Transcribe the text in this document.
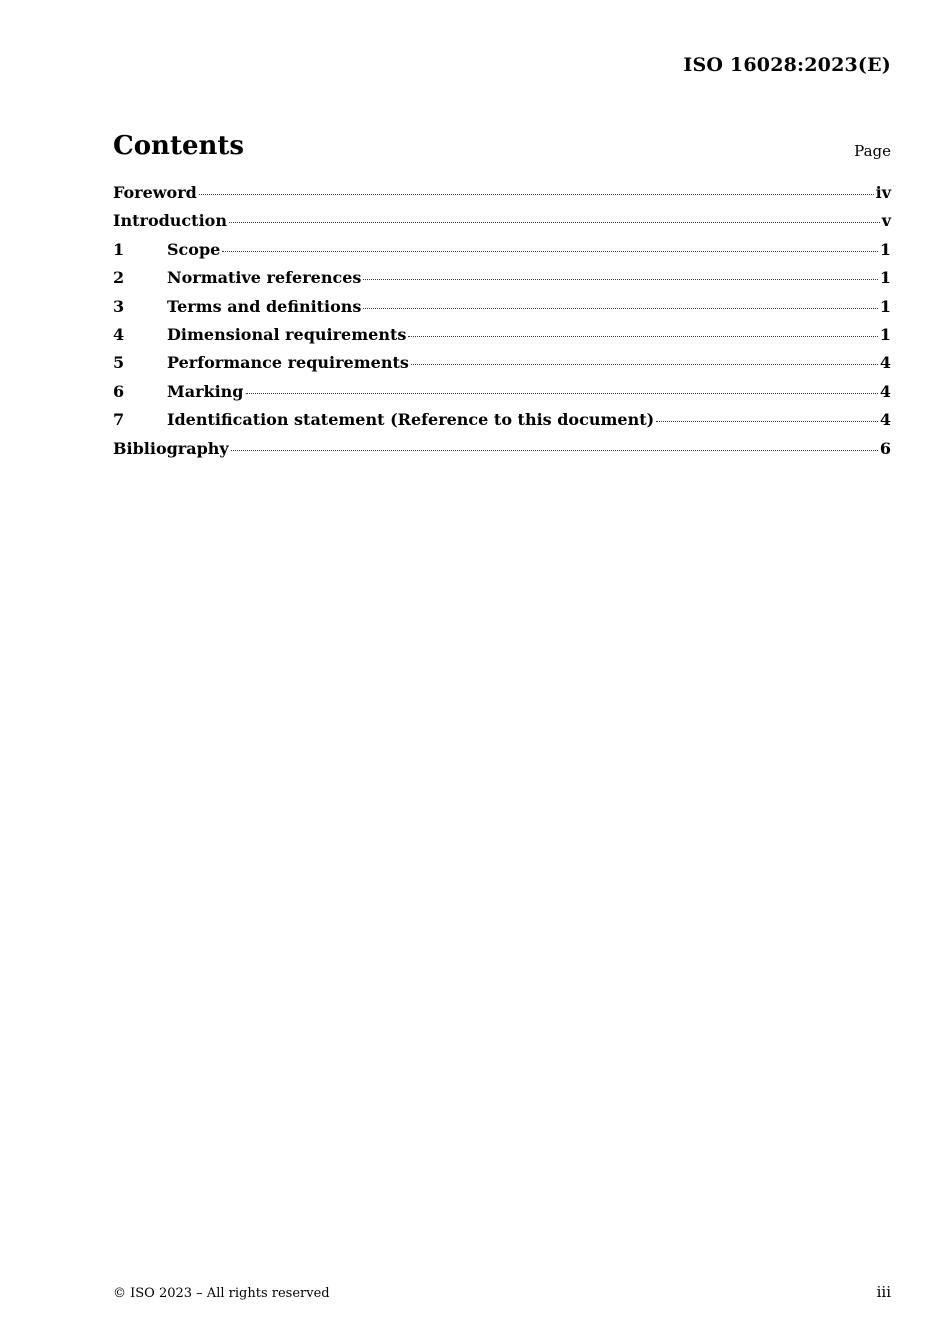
ISO 16028:2023(E)
Contents	Page
Foreword	iv
Introduction	v
1	Scope	1
2	Normative references	1
3	Terms and definitions	1
4	Dimensional requirements	1
5	Performance requirements	4
6	Marking	4
7	Identification statement (Reference to this document)	4
Bibliography	6
© ISO 2023 – All rights reserved	iii
